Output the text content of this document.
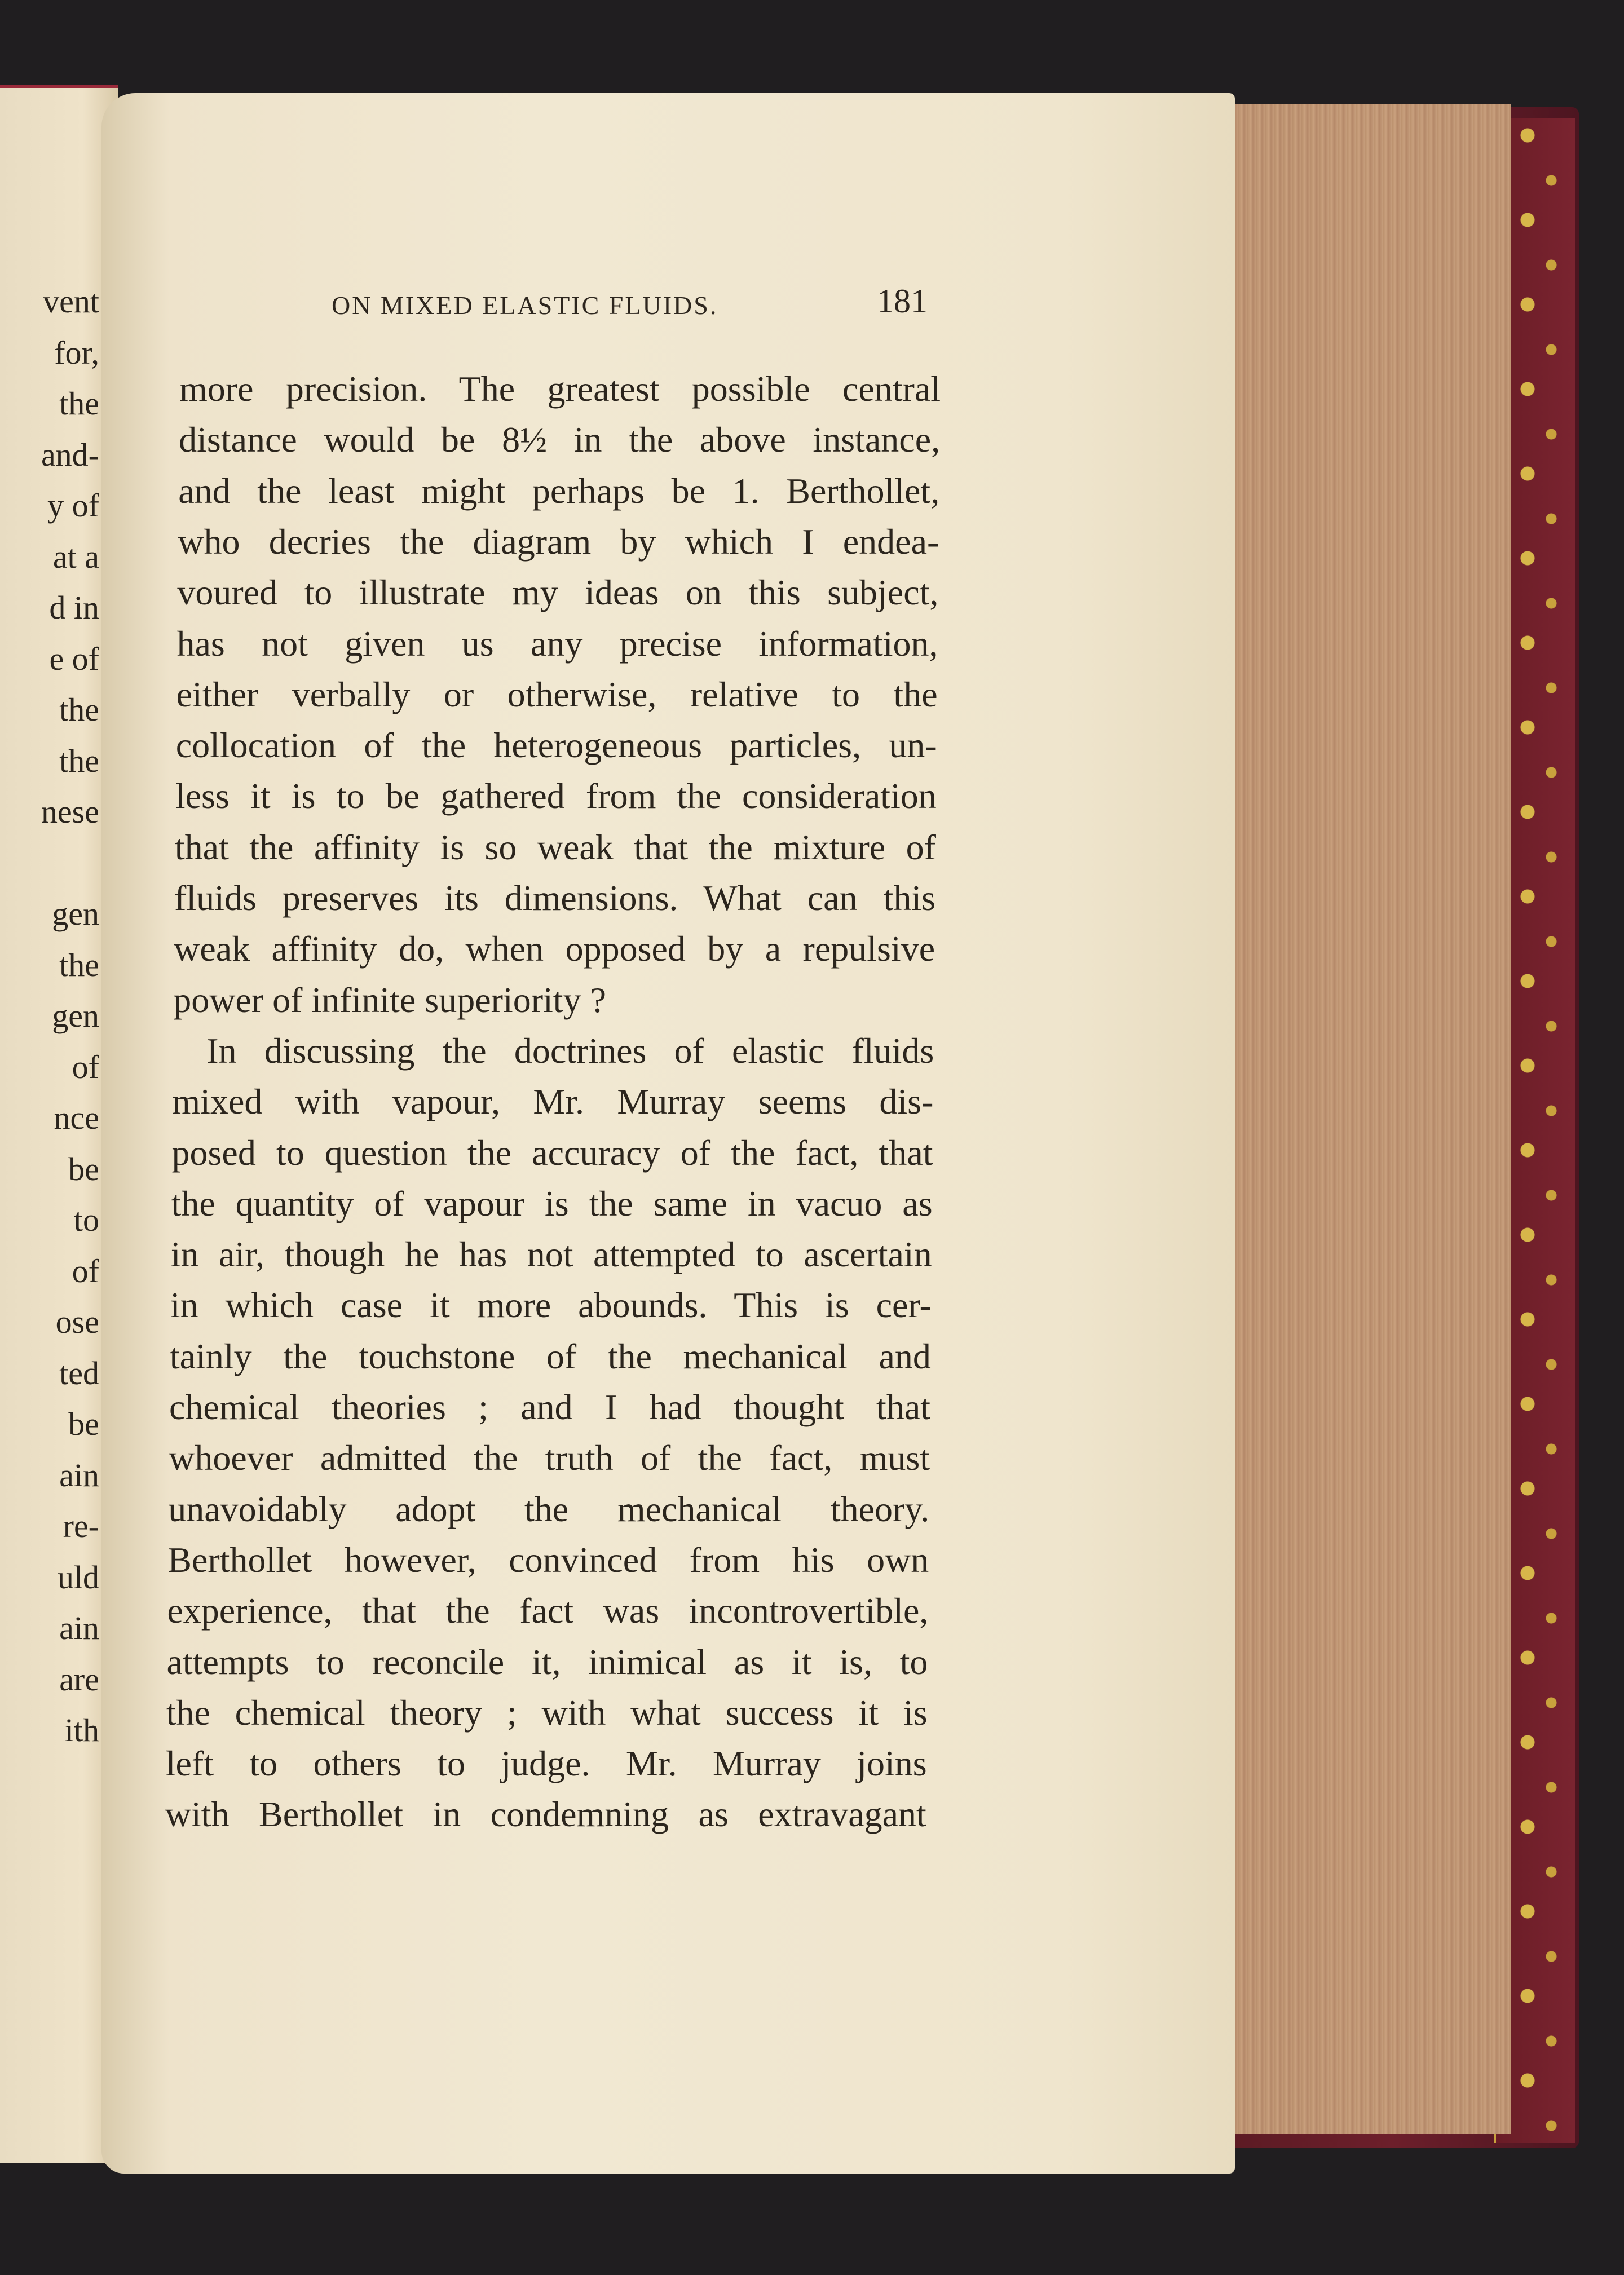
vent
for,
the
and-
y of
at a
d in
e of
the
the
nese
gen
the
gen
of
nce
be
to
of
ose
ted
be
ain
re-
uld
ain
are
ith
ON MIXED ELASTIC FLUIDS.	181
more precision. The greatest possible central
distance would be 8½ in the above instance,
and the least might perhaps be 1. Berthollet,
who decries the diagram by which I endea-
voured to illustrate my ideas on this subject,
has not given us any precise information,
either verbally or otherwise, relative to the
collocation of the heterogeneous particles, un-
less it is to be gathered from the consideration
that the affinity is so weak that the mixture of
fluids preserves its dimensions. What can this
weak affinity do, when opposed by a repulsive
power of infinite superiority ?
In discussing the doctrines of elastic fluids
mixed with vapour, Mr. Murray seems dis-
posed to question the accuracy of the fact, that
the quantity of vapour is the same in vacuo as
in air, though he has not attempted to ascertain
in which case it more abounds. This is cer-
tainly the touchstone of the mechanical and
chemical theories ; and I had thought that
whoever admitted the truth of the fact, must
unavoidably adopt the mechanical theory.
Berthollet however, convinced from his own
experience, that the fact was incontrovertible,
attempts to reconcile it, inimical as it is, to
the chemical theory ; with what success it is
left to others to judge. Mr. Murray joins
with Berthollet in condemning as extravagant
